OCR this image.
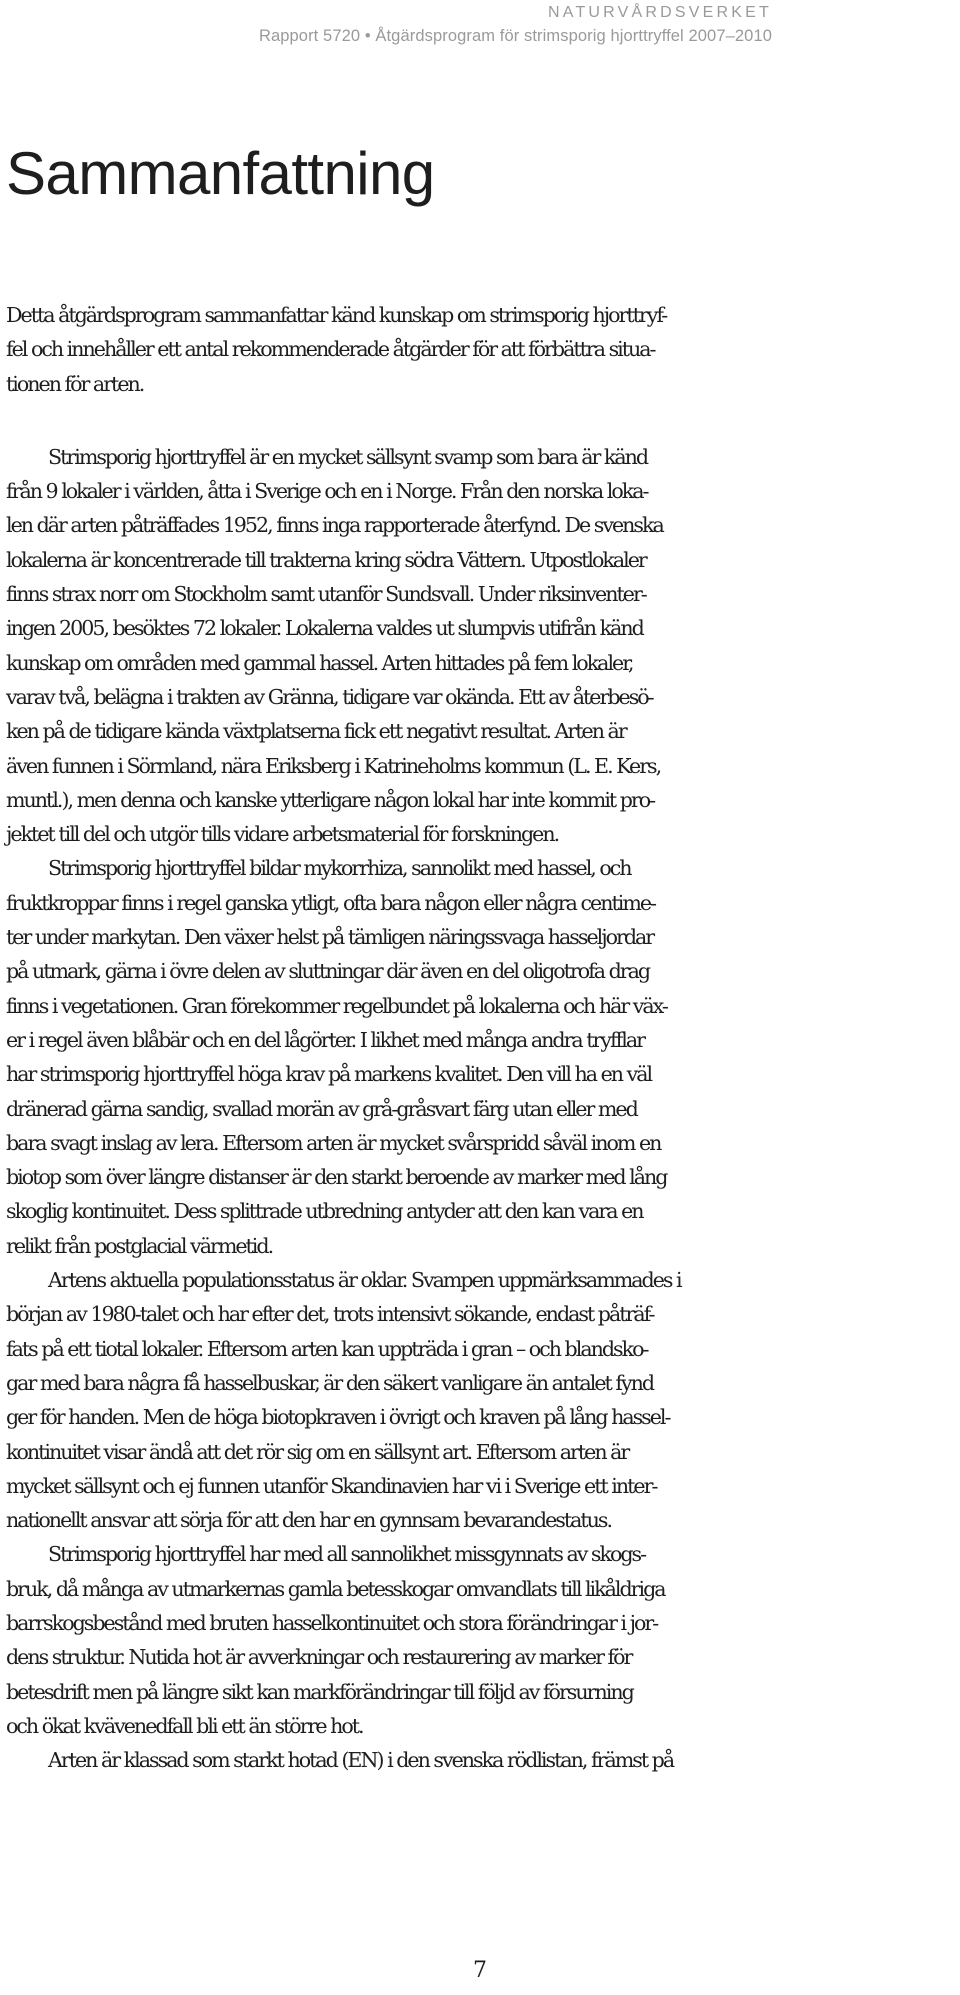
NATURVÅRDSVERKET
Rapport 5720 • Åtgärdsprogram för strimsporig hjorttryffel 2007–2010
Sammanfattning
Detta åtgärdsprogram sammanfattar känd kunskap om strimsporig hjorttryf-
fel och innehåller ett antal rekommenderade åtgärder för att förbättra situa-
tionen för arten.
Strimsporig hjorttryffel är en mycket sällsynt svamp som bara är känd
från 9 lokaler i världen, åtta i Sverige och en i Norge. Från den norska loka-
len där arten påträffades 1952, finns inga rapporterade återfynd. De svenska
lokalerna är koncentrerade till trakterna kring södra Vättern. Utpostlokaler
finns strax norr om Stockholm samt utanför Sundsvall. Under riksinventer-
ingen 2005, besöktes 72 lokaler. Lokalerna valdes ut slumpvis utifrån känd
kunskap om områden med gammal hassel. Arten hittades på fem lokaler,
varav två, belägna i trakten av Gränna, tidigare var okända. Ett av återbesö-
ken på de tidigare kända växtplatserna fick ett negativt resultat. Arten är
även funnen i Sörmland, nära Eriksberg i Katrineholms kommun (L. E. Kers,
muntl.), men denna och kanske ytterligare någon lokal har inte kommit pro-
jektet till del och utgör tills vidare arbetsmaterial för forskningen.
Strimsporig hjorttryffel bildar mykorrhiza, sannolikt med hassel, och
fruktkroppar finns i regel ganska ytligt, ofta bara någon eller några centime-
ter under markytan. Den växer helst på tämligen näringssvaga hasseljordar
på utmark, gärna i övre delen av sluttningar där även en del oligotrofa drag
finns i vegetationen. Gran förekommer regelbundet på lokalerna och här väx-
er i regel även blåbär och en del lågörter. I likhet med många andra tryfflar
har strimsporig hjorttryffel höga krav på markens kvalitet. Den vill ha en väl
dränerad gärna sandig, svallad morän av grå-gråsvart färg utan eller med
bara svagt inslag av lera. Eftersom arten är mycket svårspridd såväl inom en
biotop som över längre distanser är den starkt beroende av marker med lång
skoglig kontinuitet. Dess splittrade utbredning antyder att den kan vara en
relikt från postglacial värmetid.
Artens aktuella populationsstatus är oklar. Svampen uppmärksammades i
början av 1980-talet och har efter det, trots intensivt sökande, endast påträf-
fats på ett tiotal lokaler. Eftersom arten kan uppträda i gran – och blandsko-
gar med bara några få hasselbuskar, är den säkert vanligare än antalet fynd
ger för handen. Men de höga biotopkraven i övrigt och kraven på lång hassel-
kontinuitet visar ändå att det rör sig om en sällsynt art. Eftersom arten är
mycket sällsynt och ej funnen utanför Skandinavien har vi i Sverige ett inter-
nationellt ansvar att sörja för att den har en gynnsam bevarandestatus.
Strimsporig hjorttryffel har med all sannolikhet missgynnats av skogs-
bruk, då många av utmarkernas gamla betesskogar omvandlats till likåldriga
barrskogsbestånd med bruten hasselkontinuitet och stora förändringar i jor-
dens struktur. Nutida hot är avverkningar och restaurering av marker för
betesdrift men på längre sikt kan markförändringar till följd av försurning
och ökat kvävenedfall bli ett än större hot.
Arten är klassad som starkt hotad (EN) i den svenska rödlistan, främst på
7
